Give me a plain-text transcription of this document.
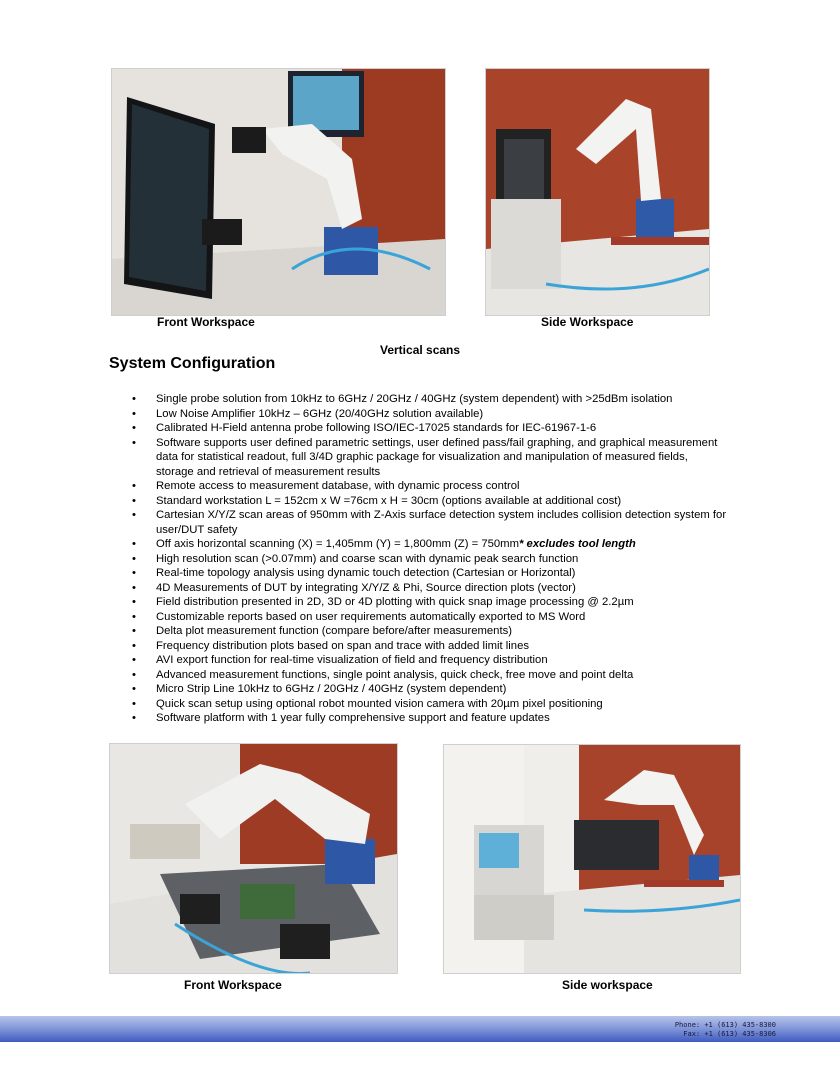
Front Workspace	Side Workspace
Vertical scans
System Configuration
• Single probe solution from 10kHz to 6GHz / 20GHz / 40GHz (system dependent) with >25dBm isolation
• Low Noise Amplifier 10kHz – 6GHz (20/40GHz solution available)
• Calibrated H-Field antenna probe following ISO/IEC-17025 standards for IEC-61967-1-6
• Software supports user defined parametric settings, user defined pass/fail graphing, and graphical measurement data for statistical readout, full 3/4D graphic package for visualization and manipulation of measured fields, storage and retrieval of measurement results
• Remote access to measurement database, with dynamic process control
• Standard workstation L = 152cm x W =76cm x H = 30cm (options available at additional cost)
• Cartesian X/Y/Z scan areas of 950mm with Z-Axis surface detection system includes collision detection system for user/DUT safety
• Off axis horizontal scanning (X) = 1,405mm (Y) = 1,800mm (Z) = 750mm* excludes tool length
• High resolution scan (>0.07mm) and coarse scan with dynamic peak search function
• Real-time topology analysis using dynamic touch detection (Cartesian or Horizontal)
• 4D Measurements of DUT by integrating X/Y/Z & Phi, Source direction plots (vector)
• Field distribution presented in 2D, 3D or 4D plotting with quick snap image processing @ 2.2µm
• Customizable reports based on user requirements automatically exported to MS Word
• Delta plot measurement function (compare before/after measurements)
• Frequency distribution plots based on span and trace with added limit lines
• AVI export function for real-time visualization of field and frequency distribution
• Advanced measurement functions, single point analysis, quick check, free move and point delta
• Micro Strip Line 10kHz to 6GHz / 20GHz / 40GHz (system dependent)
• Quick scan setup using optional robot mounted vision camera with 20µm pixel positioning
• Software platform with 1 year fully comprehensive support and feature updates
Front Workspace	Side workspace
Phone: +1 (613) 435-8300
Fax: +1 (613) 435-8306
